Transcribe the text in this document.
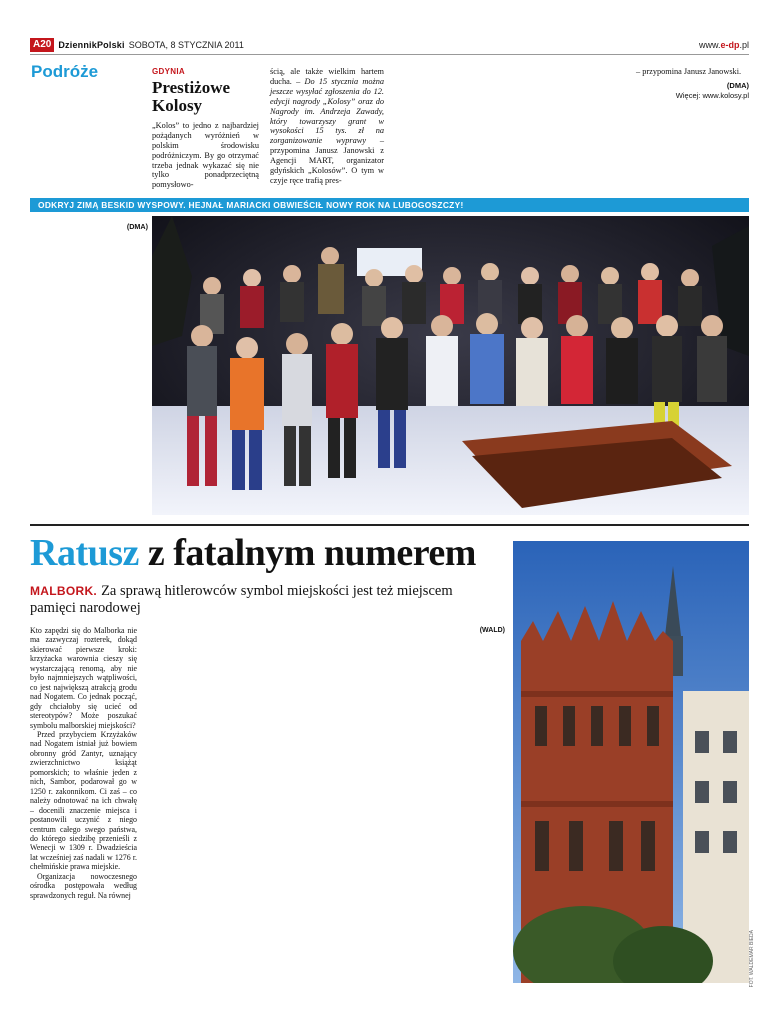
A20 DziennikPolski SOBOTA, 8 STYCZNIA 2011	www.e-dp.pl
Podróże	GDYNIA
Prestiżowe Kolosy
„Kolos” to jedno z najbardziej pożądanych wyróżnień w polskim środowisku podróżniczym. By go otrzymać trzeba jednak wykazać się nie tylko ponadprzeciętną pomysłowo-
ścią, ale także wielkim hartem ducha. – Do 15 stycznia można jeszcze wysyłać zgłoszenia do 12. edycji nagrody „Kolosy” oraz do Nagrody im. Andrzeja Zawady, który towarzyszy grant w wysokości 15 tys. zł na zorganizowanie wyprawy – przypomina Janusz Janowski z Agencji MART, organizator gdyńskich „Kolosów”. O tym w czyje ręce trafią pres-
– przypomina Janusz Janowski.
(DMA)
Więcej: www.kolosy.pl
ODKRYJ ZIMĄ BESKID WYSPOWY. HEJNAŁ MARIACKI OBWIEŚCIŁ NOWY ROK NA LUBOGOSZCZY!
(DMA)
FOT. WALDEMAR BIEDA
Ratusz z fatalnym numerem
MALBORK. Za sprawą hitlerowców symbol miejskości jest też miejscem pamięci narodowej

Kto zapędzi się do Malborka nie ma zazwyczaj rozterek, dokąd skierować pierwsze kroki: krzyżacka warownia cieszy się wystarczającą renomą, aby nie było najmniejszych wątpliwości, co jest największą atrakcją grodu nad Nogatem. Co jednak począć, gdy chciałoby się ucieć od stereotypów? Może poszukać symbolu malborskiej miejskości?

Przed przybyciem Krzyżaków nad Nogatem istniał już bowiem obronny gród Zantyr, uznający zwierzchnictwo książąt pomorskich; to właśnie jeden z nich, Sambor, podarował go w 1250 r. zakonnikom. Ci zaś – co należy odnotować na ich chwałę – docenili znaczenie miejsca i postanowili uczynić z niego centrum całego swego państwa, do którego siedzibę przenieśli z Wenecji w 1309 r. Dwadzieścia lat wcześniej zaś nadali w 1276 r. chełmińskie prawa miejskie.

Organizacja nowoczesnego ośrodka postępowała według sprawdzonych reguł. Na równej

(WALD)
